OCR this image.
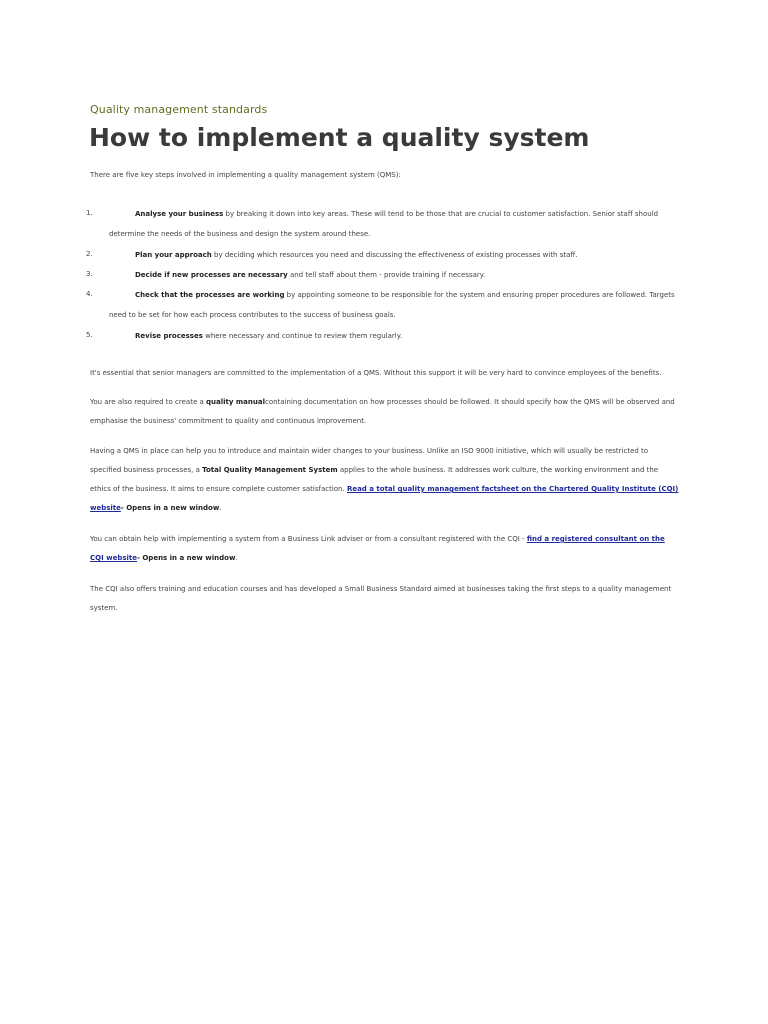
Quality management standards
How to implement a quality system
There are five key steps involved in implementing a quality management system (QMS):
1.	Analyse your business by breaking it down into key areas. These will tend to be those that are crucial to customer satisfaction. Senior staff should determine the needs of the business and design the system around these.
2.	Plan your approach by deciding which resources you need and discussing the effectiveness of existing processes with staff.
3.	Decide if new processes are necessary and tell staff about them - provide training if necessary.
4.	Check that the processes are working by appointing someone to be responsible for the system and ensuring proper procedures are followed. Targets need to be set for how each process contributes to the success of business goals.
5.	Revise processes where necessary and continue to review them regularly.
It's essential that senior managers are committed to the implementation of a QMS. Without this support it will be very hard to convince employees of the benefits.
You are also required to create a quality manualcontaining documentation on how processes should be followed. It should specify how the QMS will be observed and emphasise the business' commitment to quality and continuous improvement.
Having a QMS in place can help you to introduce and maintain wider changes to your business. Unlike an ISO 9000 initiative, which will usually be restricted to specified business processes, a Total Quality Management System applies to the whole business. It addresses work culture, the working environment and the ethics of the business. It aims to ensure complete customer satisfaction. Read a total quality management factsheet on the Chartered Quality Institute (CQI) website- Opens in a new window.
You can obtain help with implementing a system from a Business Link adviser or from a consultant registered with the CQI - find a registered consultant on the CQI website- Opens in a new window.
The CQI also offers training and education courses and has developed a Small Business Standard aimed at businesses taking the first steps to a quality management system.
